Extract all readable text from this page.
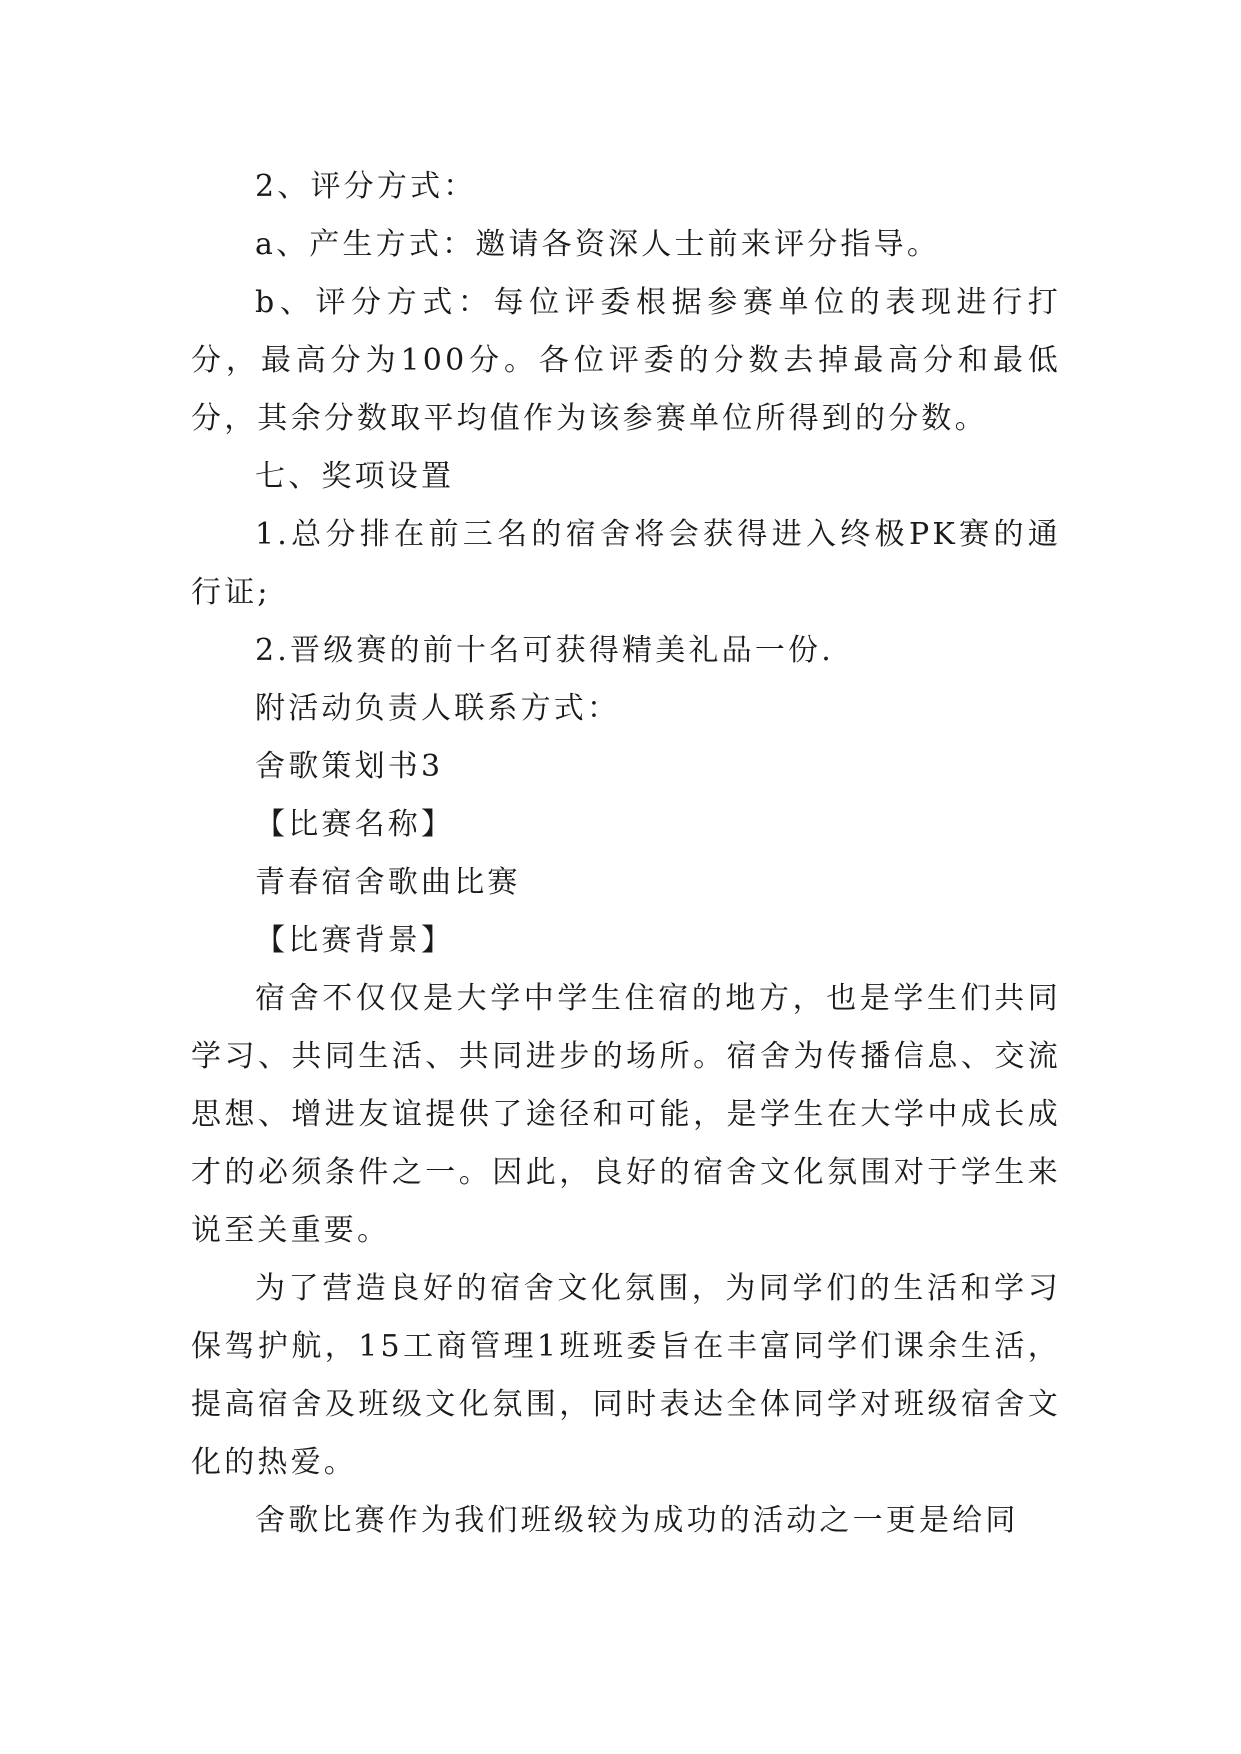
2、评分方式：

a、产生方式：邀请各资深人士前来评分指导。

b、评分方式：每位评委根据参赛单位的表现进行打分，最高分为100分。各位评委的分数去掉最高分和最低分，其余分数取平均值作为该参赛单位所得到的分数。

七、奖项设置

1.总分排在前三名的宿舍将会获得进入终极PK赛的通行证;

2.晋级赛的前十名可获得精美礼品一份.

附活动负责人联系方式：

舍歌策划书3

【比赛名称】

青春宿舍歌曲比赛

【比赛背景】

宿舍不仅仅是大学中学生住宿的地方，也是学生们共同学习、共同生活、共同进步的场所。宿舍为传播信息、交流思想、增进友谊提供了途径和可能，是学生在大学中成长成才的必须条件之一。因此，良好的宿舍文化氛围对于学生来说至关重要。

为了营造良好的宿舍文化氛围，为同学们的生活和学习保驾护航，15工商管理1班班委旨在丰富同学们课余生活，提高宿舍及班级文化氛围，同时表达全体同学对班级宿舍文化的热爱。

舍歌比赛作为我们班级较为成功的活动之一更是给同
